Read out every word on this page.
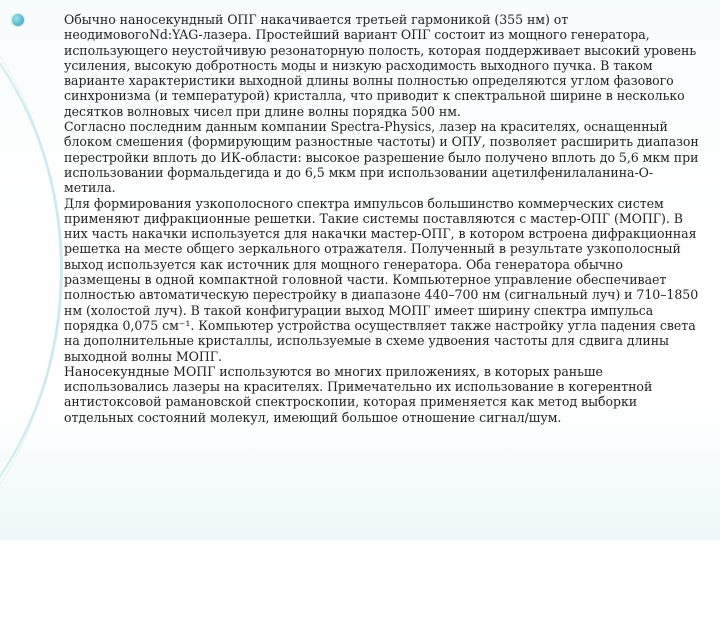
Обычно наносекундный ОПГ накачивается третьей гармоникой (355 нм) от неодимовогоNd:YAG-лазера. Простейший вариант ОПГ состоит из мощного генератора, использующего неустойчивую резонаторную полость, которая поддерживает высокий уровень усиления, высокую добротность моды и низкую расходимость выходного пучка. В таком варианте характеристики выходной длины волны полностью определяются углом фазового синхронизма (и температурой) кристалла, что приводит к спектральной ширине в несколько десятков волновых чисел при длине волны порядка 500 нм.

Согласно последним данным компании Spectra-Physics, лазер на красителях, оснащенный блоком смешения (формирующим разностные частоты) и ОПУ, позволяет расширить диапазон перестройки вплоть до ИК-области: высокое разрешение было получено вплоть до 5,6 мкм при использовании формальдегида и до 6,5 мкм при использовании ацетилфенилаланина-О-метила.

Для формирования узкополосного спектра импульсов большинство коммерческих систем применяют дифракционные решетки. Такие системы поставляются с мастер-ОПГ (МОПГ). В них часть накачки используется для накачки мастер-ОПГ, в котором встроена дифракционная решетка на месте общего зеркального отражателя. Полученный в результате узкополосный выход используется как источник для мощного генератора. Оба генератора обычно размещены в одной компактной головной части. Компьютерное управление обеспечивает полностью автоматическую перестройку в диапазоне 440–700 нм (сигнальный луч) и 710–1850 нм (холостой луч). В такой конфигурации выход МОПГ имеет ширину спектра импульса порядка 0,075 см⁻¹. Компьютер устройства осуществляет также настройку угла падения света на дополнительные кристаллы, используемые в схеме удвоения частоты для сдвига длины выходной волны МОПГ.

Наносекундные МОПГ используются во многих приложениях, в которых раньше использовались лазеры на красителях. Примечательно их использование в когерентной антистоксовой рамановской спектроскопии, которая применяется как метод выборки отдельных состояний молекул, имеющий большое отношение сигнал/шум.
